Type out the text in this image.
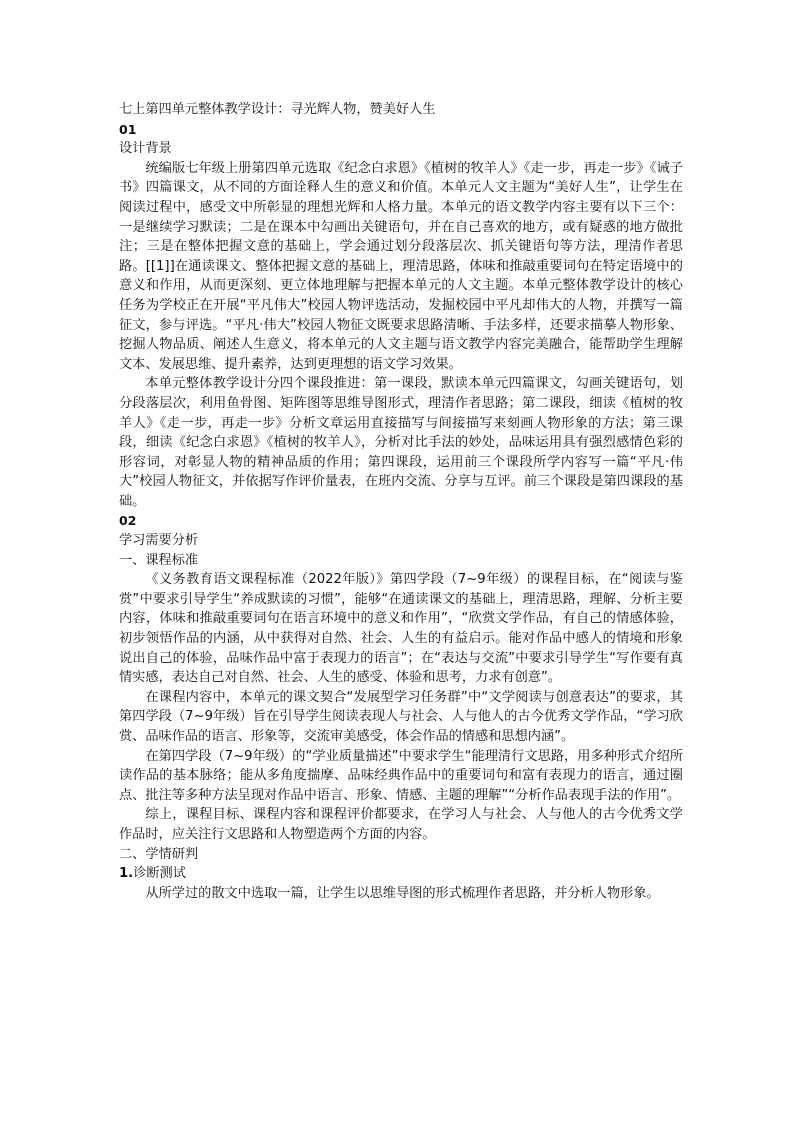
七上第四单元整体教学设计：寻光辉人物，赞美好人生

01

设计背景

统编版七年级上册第四单元选取《纪念白求恩》《植树的牧羊人》《走一步，再走一步》《诫子书》四篇课文，从不同的方面诠释人生的意义和价值。本单元人文主题为“美好人生”，让学生在阅读过程中，感受文中所彰显的理想光辉和人格力量。本单元的语文教学内容主要有以下三个：一是继续学习默读；二是在课本中勾画出关键语句，并在自己喜欢的地方，或有疑惑的地方做批注；三是在整体把握文意的基础上，学会通过划分段落层次、抓关键语句等方法，理清作者思路。[[1]]在通读课文、整体把握文意的基础上，理清思路，体味和推敲重要词句在特定语境中的意义和作用，从而更深刻、更立体地理解与把握本单元的人文主题。本单元整体教学设计的核心任务为学校正在开展“平凡伟大”校园人物评选活动，发掘校园中平凡却伟大的人物，并撰写一篇征文，参与评选。“平凡·伟大”校园人物征文既要求思路清晰、手法多样，还要求描摹人物形象、挖掘人物品质、阐述人生意义，将本单元的人文主题与语文教学内容完美融合，能帮助学生理解文本、发展思维、提升素养，达到更理想的语文学习效果。

本单元整体教学设计分四个课段推进：第一课段，默读本单元四篇课文，勾画关键语句，划分段落层次，利用鱼骨图、矩阵图等思维导图形式，理清作者思路；第二课段，细读《植树的牧羊人》《走一步，再走一步》分析文章运用直接描写与间接描写来刻画人物形象的方法；第三课段，细读《纪念白求恩》《植树的牧羊人》，分析对比手法的妙处，品味运用具有强烈感情色彩的形容词，对彰显人物的精神品质的作用；第四课段，运用前三个课段所学内容写一篇“平凡·伟大”校园人物征文，并依据写作评价量表，在班内交流、分享与互评。前三个课段是第四课段的基础。

02

学习需要分析

一、课程标准

《义务教育语文课程标准（2022年版）》第四学段（7~9年级）的课程目标，在“阅读与鉴赏”中要求引导学生“养成默读的习惯”，能够“在通读课文的基础上，理清思路，理解、分析主要内容，体味和推敲重要词句在语言环境中的意义和作用”，“欣赏文学作品，有自己的情感体验，初步领悟作品的内涵，从中获得对自然、社会、人生的有益启示。能对作品中感人的情境和形象说出自己的体验，品味作品中富于表现力的语言”；在“表达与交流”中要求引导学生“写作要有真情实感，表达自己对自然、社会、人生的感受、体验和思考，力求有创意”。

在课程内容中，本单元的课文契合“发展型学习任务群”中“文学阅读与创意表达”的要求，其第四学段（7~9年级）旨在引导学生阅读表现人与社会、人与他人的古今优秀文学作品，“学习欣赏、品味作品的语言、形象等，交流审美感受，体会作品的情感和思想内涵”。

在第四学段（7~9年级）的“学业质量描述”中要求学生“能理清行文思路，用多种形式介绍所读作品的基本脉络；能从多角度揣摩、品味经典作品中的重要词句和富有表现力的语言，通过圈点、批注等多种方法呈现对作品中语言、形象、情感、主题的理解”“分析作品表现手法的作用”。

综上，课程目标、课程内容和课程评价都要求，在学习人与社会、人与他人的古今优秀文学作品时，应关注行文思路和人物塑造两个方面的内容。

二、学情研判

1.诊断测试

从所学过的散文中选取一篇，让学生以思维导图的形式梳理作者思路，并分析人物形象。
